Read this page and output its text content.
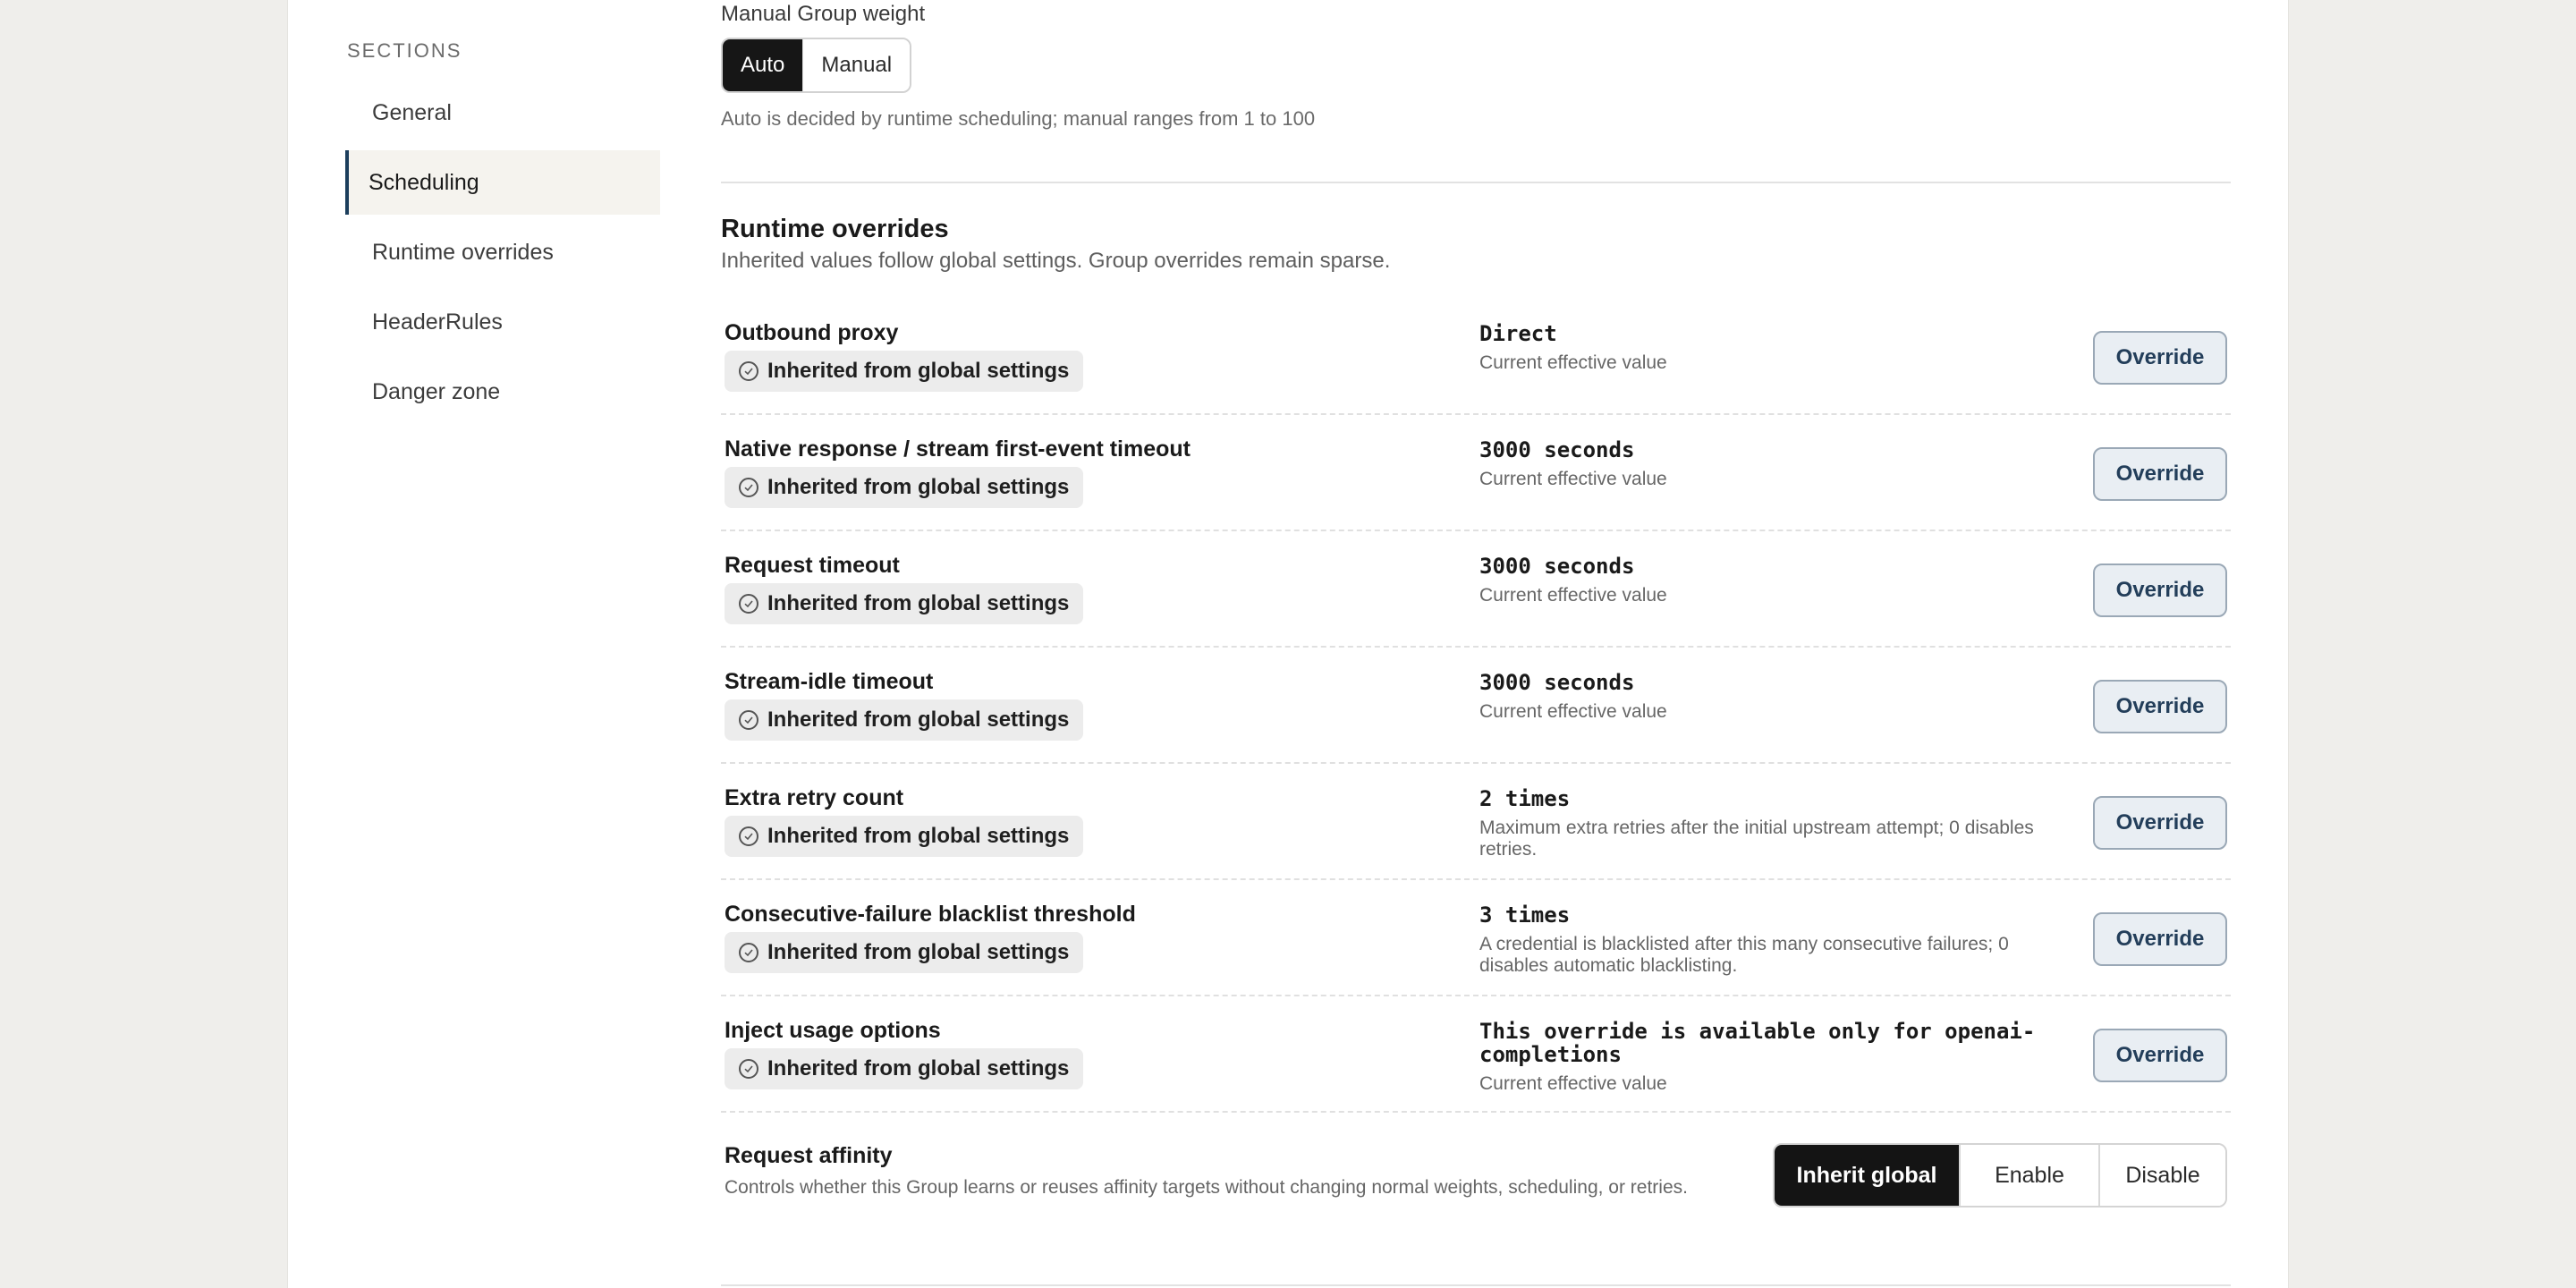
SECTIONS
General
Scheduling
Runtime overrides
HeaderRules
Danger zone
Manual Group weight
Auto	Manual
Auto is decided by runtime scheduling; manual ranges from 1 to 100
Runtime overrides
Inherited values follow global settings. Group overrides remain sparse.
Outbound proxy
Inherited from global settings
Direct
Current effective value	Override
Native response / stream first-event timeout
Inherited from global settings
3000 seconds
Current effective value	Override
Request timeout
Inherited from global settings
3000 seconds
Current effective value	Override
Stream-idle timeout
Inherited from global settings
3000 seconds
Current effective value	Override
Extra retry count
Inherited from global settings
2 times
Maximum extra retries after the initial upstream attempt; 0 disables retries.
Override
Consecutive-failure blacklist threshold
Inherited from global settings
3 times
A credential is blacklisted after this many consecutive failures; 0 disables automatic blacklisting.
Override
Inject usage options
Inherited from global settings
This override is available only for openai-completions
Current effective value
Override
Request affinity
Controls whether this Group learns or reuses affinity targets without changing normal weights, scheduling, or retries.	Inherit global	Enable	Disable
